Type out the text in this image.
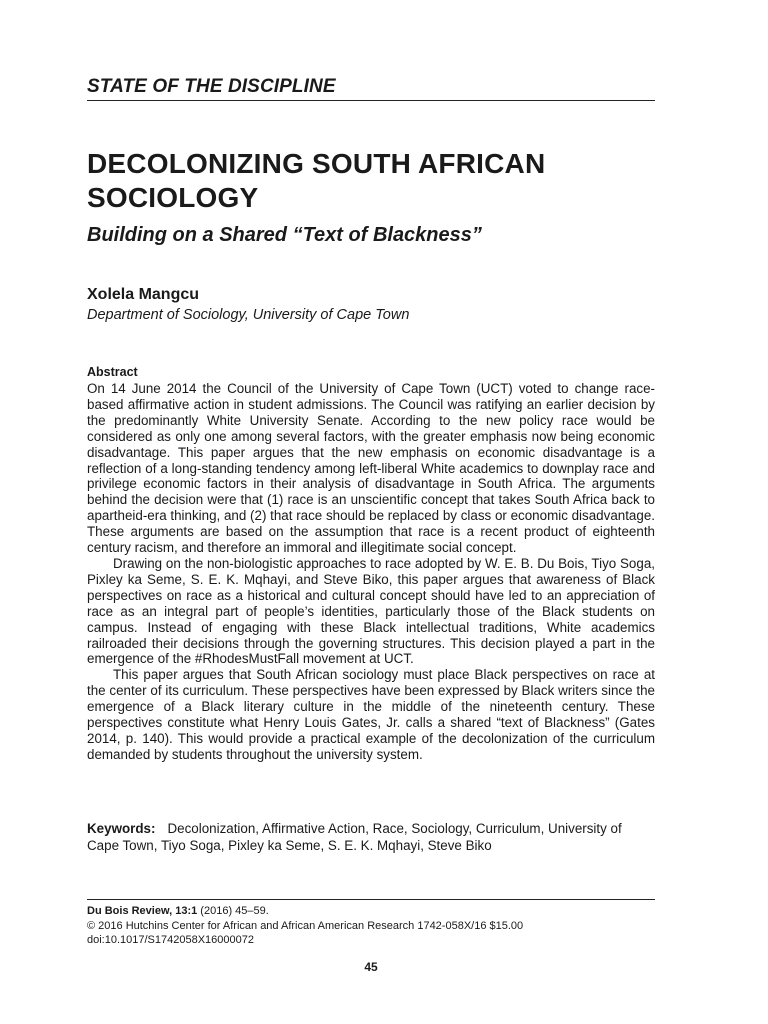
STATE OF THE DISCIPLINE
DECOLONIZING SOUTH AFRICAN SOCIOLOGY
Building on a Shared “Text of Blackness”
Xolela Mangcu
Department of Sociology, University of Cape Town
Abstract

On 14 June 2014 the Council of the University of Cape Town (UCT) voted to change race-based affirmative action in student admissions. The Council was ratifying an earlier decision by the predominantly White University Senate. According to the new policy race would be considered as only one among several factors, with the greater emphasis now being economic disadvantage. This paper argues that the new emphasis on economic disadvantage is a reflection of a long-standing tendency among left-liberal White academics to downplay race and privilege economic factors in their analysis of disadvantage in South Africa. The arguments behind the decision were that (1) race is an unscientific concept that takes South Africa back to apartheid-era thinking, and (2) that race should be replaced by class or economic disadvantage. These arguments are based on the assumption that race is a recent product of eighteenth century racism, and therefore an immoral and illegitimate social concept.

Drawing on the non-biologistic approaches to race adopted by W. E. B. Du Bois, Tiyo Soga, Pixley ka Seme, S. E. K. Mqhayi, and Steve Biko, this paper argues that awareness of Black perspectives on race as a historical and cultural concept should have led to an appreciation of race as an integral part of people’s identities, particularly those of the Black students on campus. Instead of engaging with these Black intellectual traditions, White academics railroaded their decisions through the governing structures. This decision played a part in the emergence of the #RhodesMustFall movement at UCT.

This paper argues that South African sociology must place Black perspectives on race at the center of its curriculum. These perspectives have been expressed by Black writers since the emergence of a Black literary culture in the middle of the nineteenth century. These perspectives constitute what Henry Louis Gates, Jr. calls a shared “text of Blackness” (Gates 2014, p. 140). This would provide a practical example of the decolonization of the curriculum demanded by students throughout the university system.

Keywords: Decolonization, Affirmative Action, Race, Sociology, Curriculum, University of Cape Town, Tiyo Soga, Pixley ka Seme, S. E. K. Mqhayi, Steve Biko
Du Bois Review, 13:1 (2016) 45–59.
© 2016 Hutchins Center for African and African American Research 1742-058X/16 $15.00
doi:10.1017/S1742058X16000072
45
